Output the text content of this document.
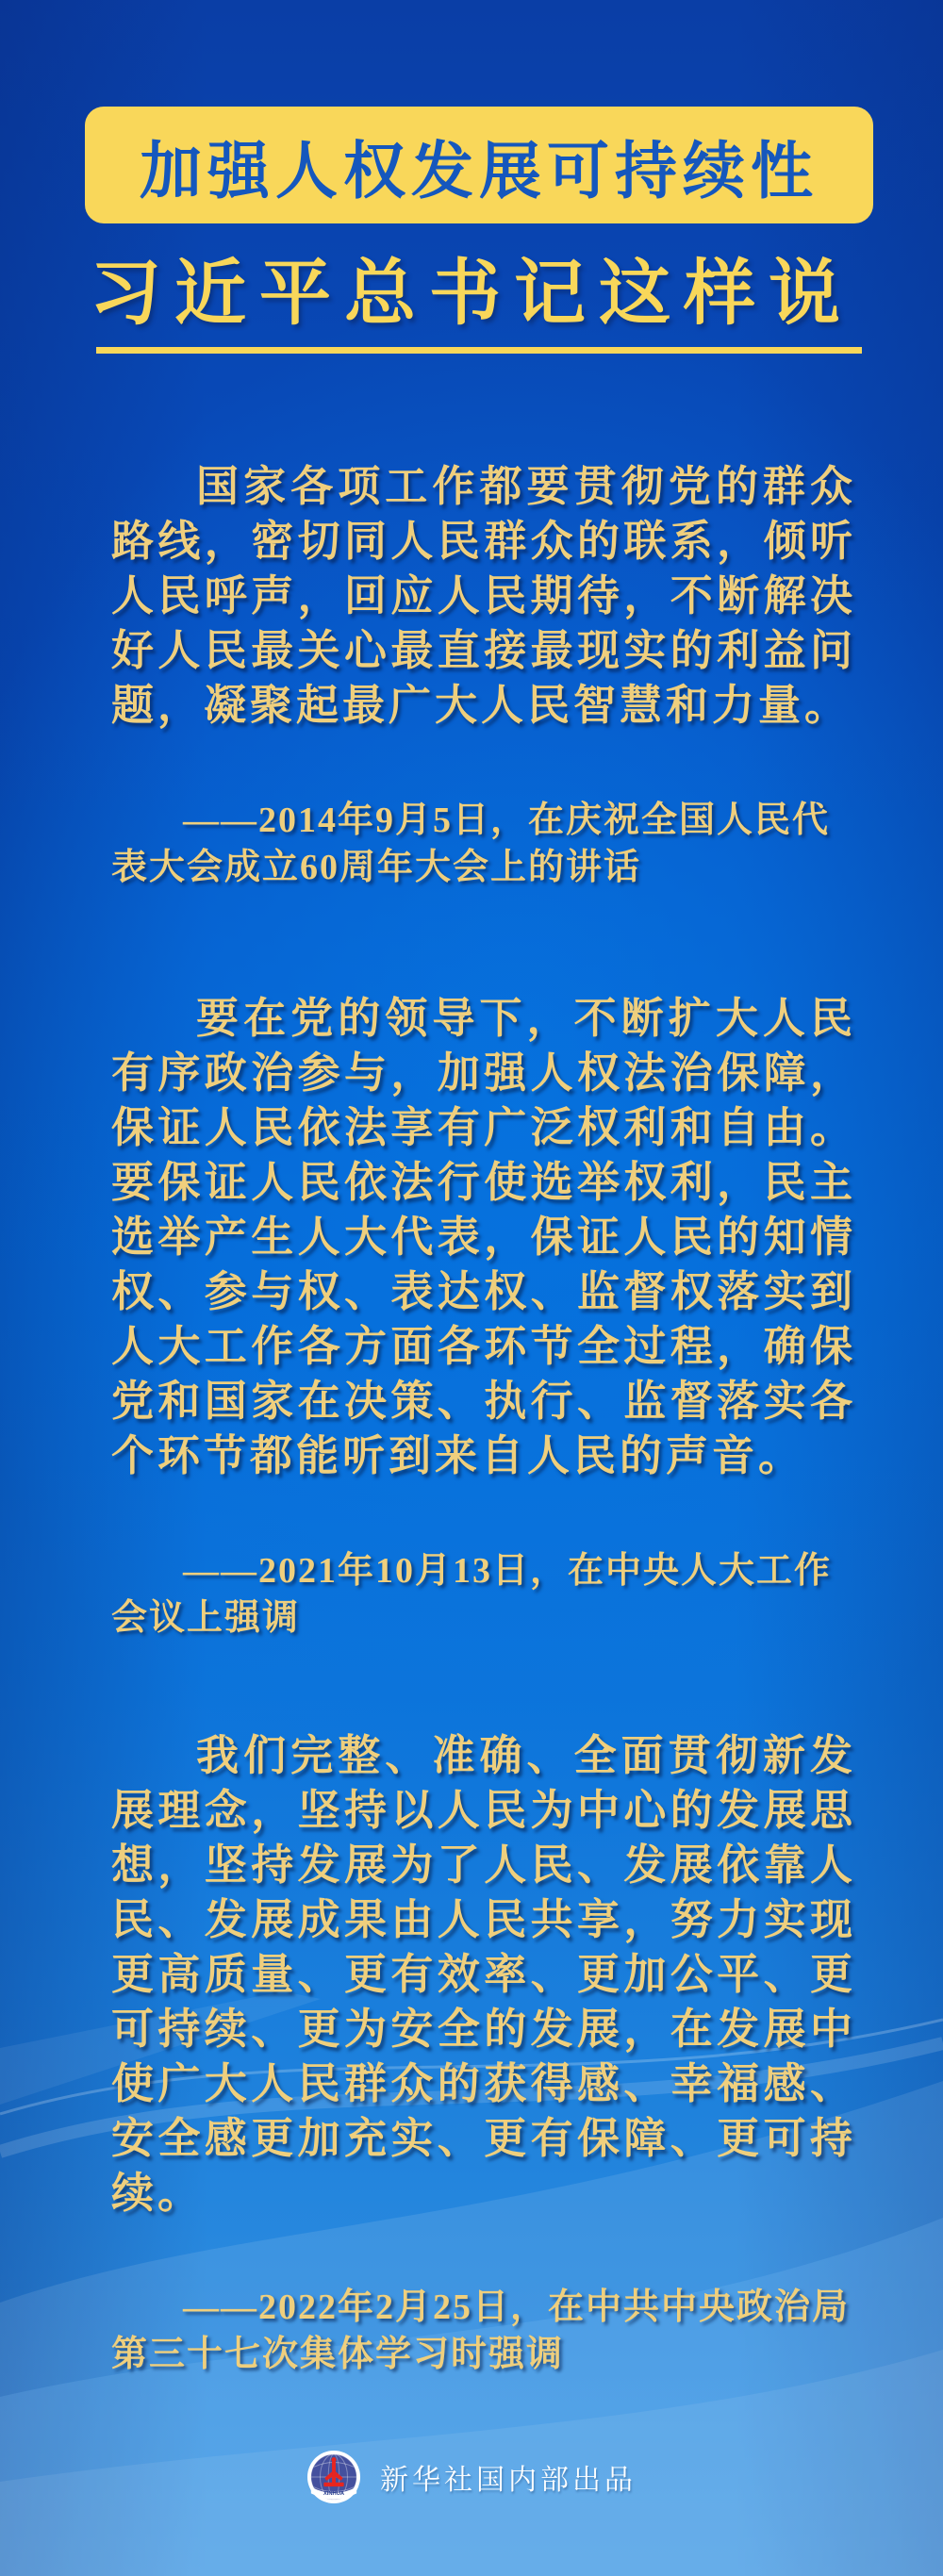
加强人权发展可持续性
习近平总书记这样说
国家各项工作都要贯彻党的群众路线，密切同人民群众的联系，倾听人民呼声，回应人民期待，不断解决好人民最关心最直接最现实的利益问题，凝聚起最广大人民智慧和力量。
——2014年9月5日，在庆祝全国人民代表大会成立60周年大会上的讲话
要在党的领导下，不断扩大人民有序政治参与，加强人权法治保障，保证人民依法享有广泛权利和自由。要保证人民依法行使选举权利，民主选举产生人大代表，保证人民的知情权、参与权、表达权、监督权落实到人大工作各方面各环节全过程，确保党和国家在决策、执行、监督落实各个环节都能听到来自人民的声音。
——2021年10月13日，在中央人大工作会议上强调
我们完整、准确、全面贯彻新发展理念，坚持以人民为中心的发展思想，坚持发展为了人民、发展依靠人民、发展成果由人民共享，努力实现更高质量、更有效率、更加公平、更可持续、更为安全的发展，在发展中使广大人民群众的获得感、幸福感、安全感更加充实、更有保障、更可持续。
——2022年2月25日，在中共中央政治局第三十七次集体学习时强调
XINHUA 新华社国内部出品
